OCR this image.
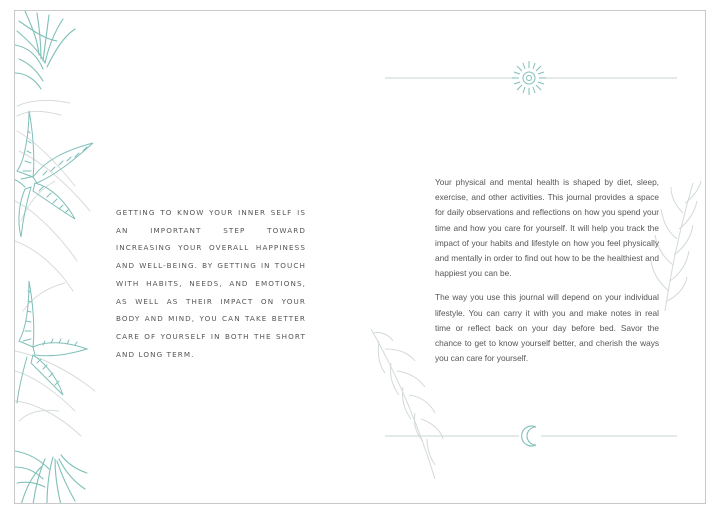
GETTING TO KNOW YOUR INNER SELF IS AN IMPORTANT STEP TOWARD INCREASING YOUR OVERALL HAPPINESS AND WELL-BEING. BY GETTING IN TOUCH WITH HABITS, NEEDS, AND EMOTIONS, AS WELL AS THEIR IMPACT ON YOUR BODY AND MIND, YOU CAN TAKE BETTER CARE OF YOURSELF IN BOTH THE SHORT AND LONG TERM.

Your physical and mental health is shaped by diet, sleep, exercise, and other activities. This journal provides a space for daily observations and reflections on how you spend your time and how you care for yourself. It will help you track the impact of your habits and lifestyle on how you feel physically and mentally in order to find out how to be the healthiest and happiest you can be.

The way you use this journal will depend on your individual lifestyle. You can carry it with you and make notes in real time or reflect back on your day before bed. Savor the chance to get to know yourself better, and cherish the ways you can care for yourself.
